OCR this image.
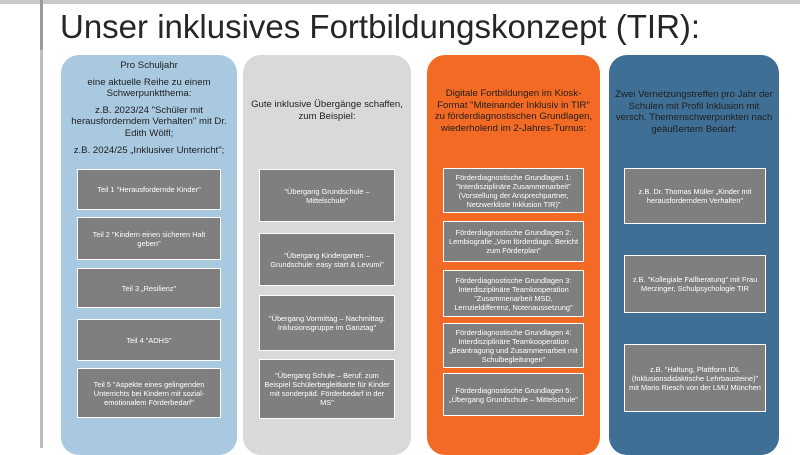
Unser inklusives Fortbildungskonzept (TIR):

Pro Schuljahr

eine aktuelle Reihe zu einem Schwerpunktthema:

z.B. 2023/24 "Schüler mit herausforderndem Verhalten" mit Dr. Edith Wölfl;

z.B. 2024/25 „Inklusiver Unterricht";

Teil 1 "Herausfordernde Kinder"
Teil 2 "Kindern einen sicheren Halt geben"
Teil 3 „Resilienz"
Teil 4 "ADHS"
Teil 5 "Aspekte eines gelingenden Unterrichts bei Kindern mit sozial-emotionalem Förderbedarf"
Gute inklusive Übergänge schaffen, zum Beispiel:
"Übergang Grundschule – Mittelschule"
"Übergang Kindergarten – Grundschule: easy start & Levumi"
"Übergang Vormittag – Nachmittag: Inklusionsgruppe im Ganztag"
"Übergang Schule – Beruf: zum Beispiel Schülerbegleitkarte für Kinder mit sonderpäd. Förderbedarf in der MS"
Digitale Fortbildungen im Kiosk-Format "Miteinander Inklusiv in TIR" zu förderdiagnostischen Grundlagen, wiederholend im 2-Jahres-Turnus:
Förderdiagnostische Grundlagen 1: "Interdisziplinäre Zusammenarbeit" (Vorstellung der Ansprechpartner, Netzwerkliste Inklusion TIR)"
Förderdiagnostische Grundlagen 2: Lernbiografie „Vom förderdiagn. Bericht zum Förderplan"
Förderdiagnostische Grundlagen 3: Interdisziplinäre Teamkooperation "Zusammenarbeit MSD, Lernzieldifferenz, Notenaussetzung"
Förderdiagnostische Grundlagen 4: Interdisziplinäre Teamkooperation „Beantragung und Zusammenarbeit mit Schulbegleitungen"
Förderdiagnostische Grundlagen 5: „Übergang Grundschule – Mittelschule"
Zwei Vernetzungstreffen pro Jahr der Schulen mit Profil Inklusion mit versch. Themenschwerpunkten nach geäußertem Bedarf:
z.B. Dr. Thomas Müller „Kinder mit herausforderndem Verhalten"
z.B. "Kollegiale Fallberatung" mit Frau Merzinger, Schulpsychologie TIR
z.B. "Haltung, Plattform IDL (Inklusionsdidaktische Lehrbausteine)" mit Mario Riesch von der LMU München
